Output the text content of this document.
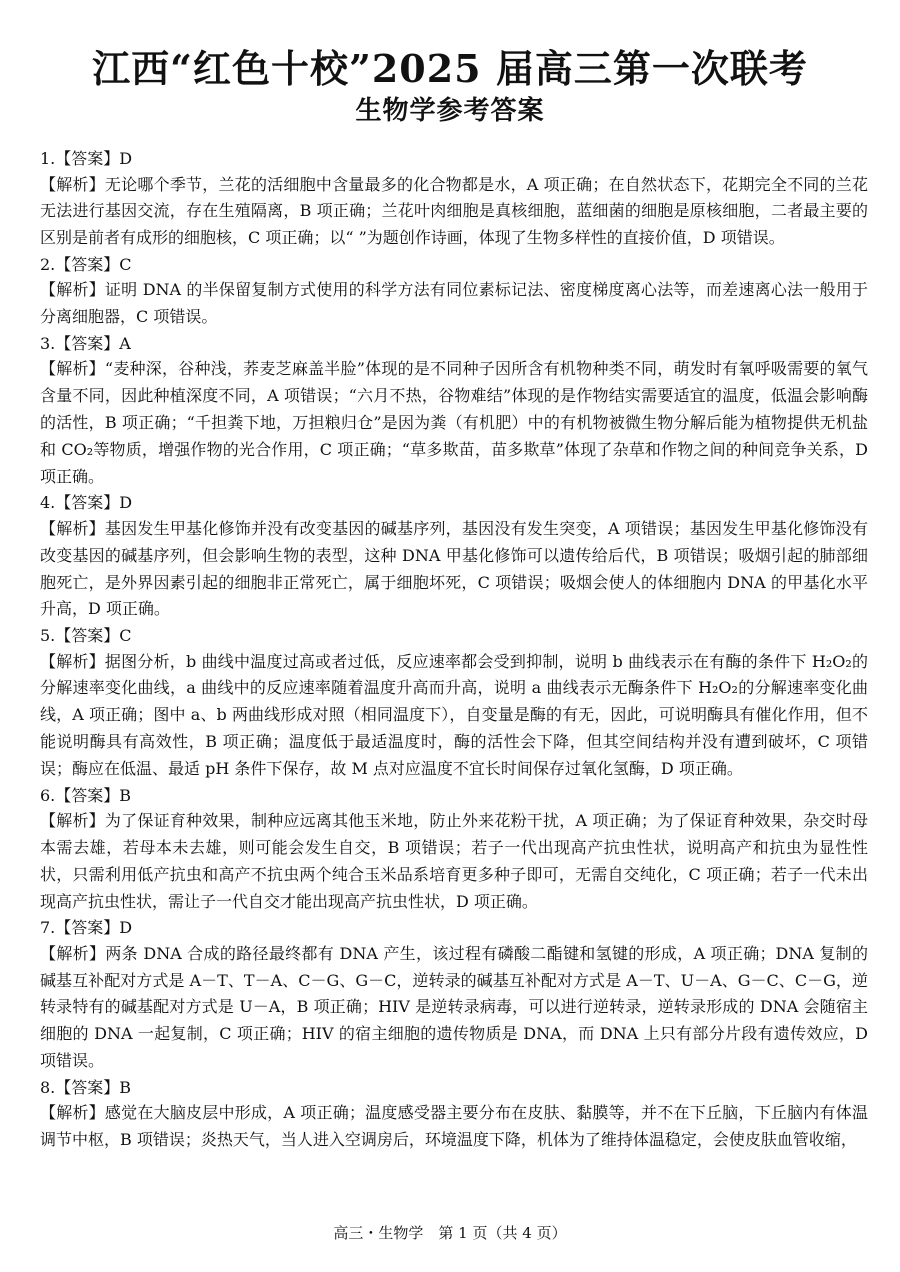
江西“红色十校”2025 届高三第一次联考
生物学参考答案

1.【答案】D

【解析】无论哪个季节，兰花的活细胞中含量最多的化合物都是水，A 项正确；在自然状态下，花期完全不同的兰花无法进行基因交流，存在生殖隔离，B 项正确；兰花叶肉细胞是真核细胞，蓝细菌的细胞是原核细胞，二者最主要的区别是前者有成形的细胞核，C 项正确；以“ ”为题创作诗画，体现了生物多样性的直接价值，D 项错误。

2.【答案】C

【解析】证明 DNA 的半保留复制方式使用的科学方法有同位素标记法、密度梯度离心法等，而差速离心法一般用于分离细胞器，C 项错误。

3.【答案】A

【解析】“麦种深，谷种浅，荞麦芝麻盖半脸”体现的是不同种子因所含有机物种类不同，萌发时有氧呼吸需要的氧气含量不同，因此种植深度不同，A 项错误；“六月不热，谷物难结”体现的是作物结实需要适宜的温度，低温会影响酶的活性，B 项正确；“千担粪下地，万担粮归仓”是因为粪（有机肥）中的有机物被微生物分解后能为植物提供无机盐和 CO₂等物质，增强作物的光合作用，C 项正确；“草多欺苗，苗多欺草”体现了杂草和作物之间的种间竞争关系，D 项正确。

4.【答案】D

【解析】基因发生甲基化修饰并没有改变基因的碱基序列，基因没有发生突变，A 项错误；基因发生甲基化修饰没有改变基因的碱基序列，但会影响生物的表型，这种 DNA 甲基化修饰可以遗传给后代，B 项错误；吸烟引起的肺部细胞死亡，是外界因素引起的细胞非正常死亡，属于细胞坏死，C 项错误；吸烟会使人的体细胞内 DNA 的甲基化水平升高，D 项正确。

5.【答案】C

【解析】据图分析，b 曲线中温度过高或者过低，反应速率都会受到抑制，说明 b 曲线表示在有酶的条件下 H₂O₂的分解速率变化曲线，a 曲线中的反应速率随着温度升高而升高，说明 a 曲线表示无酶条件下 H₂O₂的分解速率变化曲线，A 项正确；图中 a、b 两曲线形成对照（相同温度下），自变量是酶的有无，因此，可说明酶具有催化作用，但不能说明酶具有高效性，B 项正确；温度低于最适温度时，酶的活性会下降，但其空间结构并没有遭到破坏，C 项错误；酶应在低温、最适 pH 条件下保存，故 M 点对应温度不宜长时间保存过氧化氢酶，D 项正确。

6.【答案】B

【解析】为了保证育种效果，制种应远离其他玉米地，防止外来花粉干扰，A 项正确；为了保证育种效果，杂交时母本需去雄，若母本未去雄，则可能会发生自交，B 项错误；若子一代出现高产抗虫性状，说明高产和抗虫为显性性状，只需利用低产抗虫和高产不抗虫两个纯合玉米品系培育更多种子即可，无需自交纯化，C 项正确；若子一代未出现高产抗虫性状，需让子一代自交才能出现高产抗虫性状，D 项正确。

7.【答案】D

【解析】两条 DNA 合成的路径最终都有 DNA 产生，该过程有磷酸二酯键和氢键的形成，A 项正确；DNA 复制的碱基互补配对方式是 A－T、T－A、C－G、G－C，逆转录的碱基互补配对方式是 A－T、U－A、G－C、C－G，逆转录特有的碱基配对方式是 U－A，B 项正确；HIV 是逆转录病毒，可以进行逆转录，逆转录形成的 DNA 会随宿主细胞的 DNA 一起复制，C 项正确；HIV 的宿主细胞的遗传物质是 DNA，而 DNA 上只有部分片段有遗传效应，D 项错误。

8.【答案】B

【解析】感觉在大脑皮层中形成，A 项正确；温度感受器主要分布在皮肤、黏膜等，并不在下丘脑，下丘脑内有体温调节中枢，B 项错误；炎热天气，当人进入空调房后，环境温度下降，机体为了维持体温稳定，会使皮肤血管收缩，

高三・生物学　第 1 页（共 4 页）
